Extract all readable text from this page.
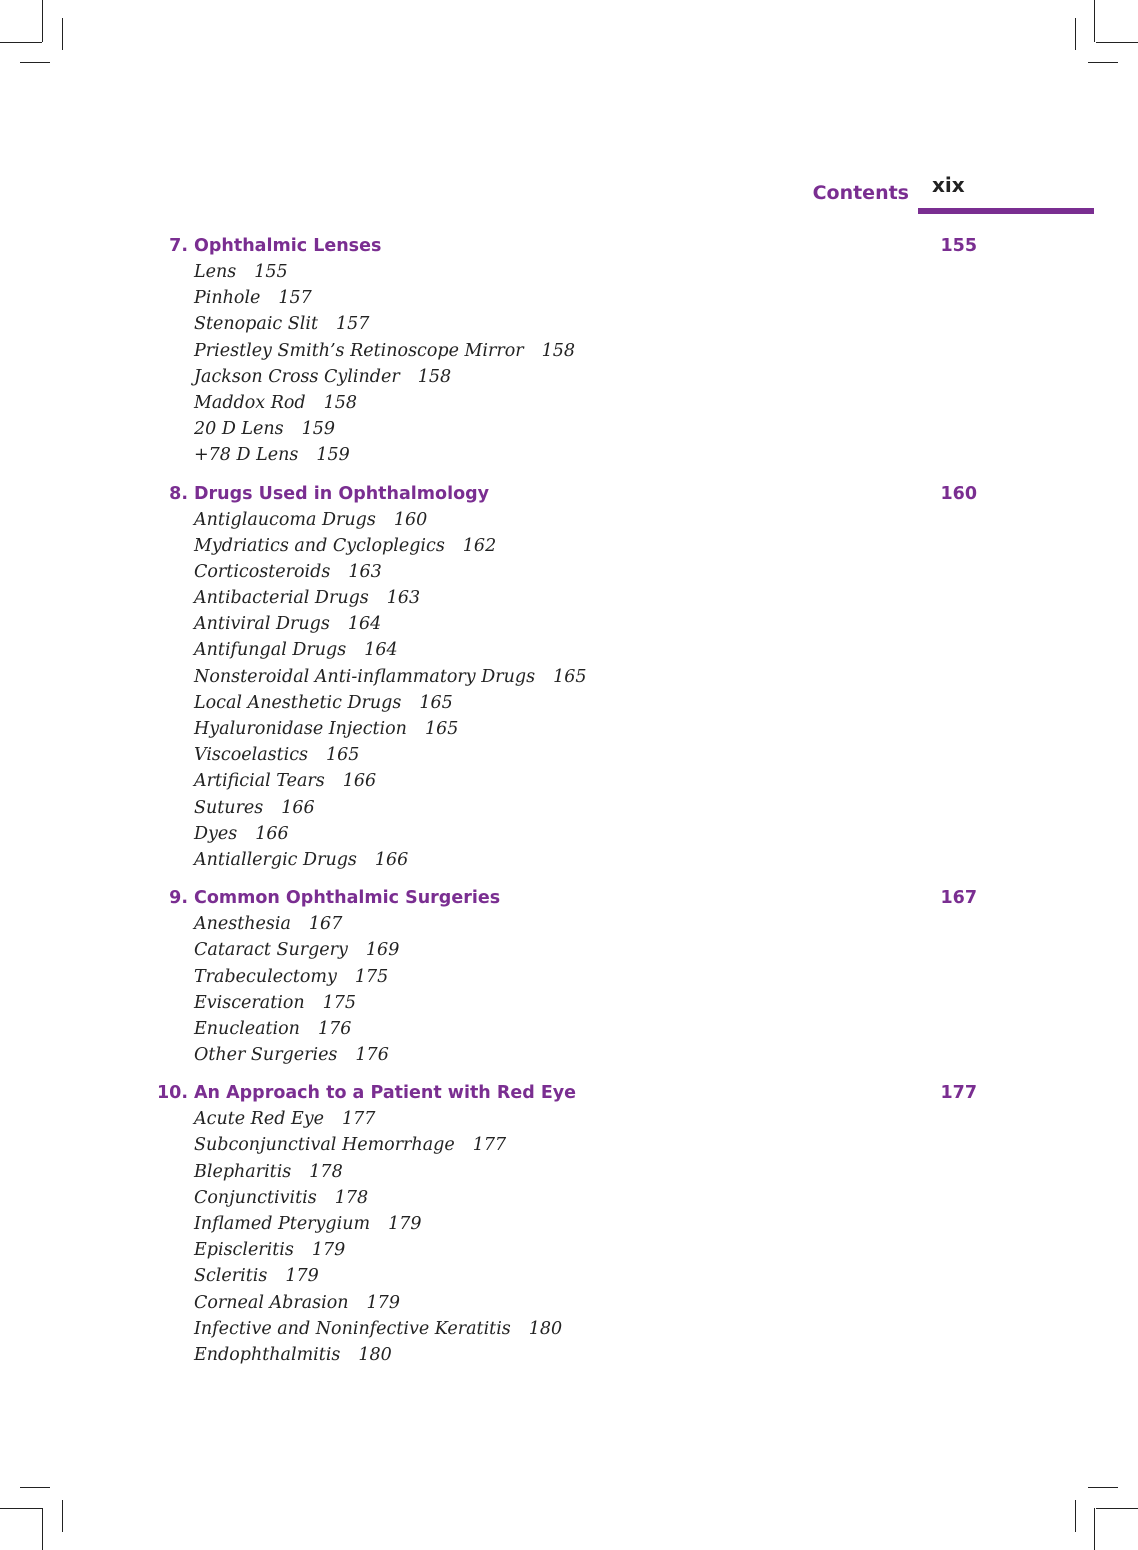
Contents xix
7. Ophthalmic Lenses	155
Lens 155
Pinhole 157
Stenopaic Slit 157
Priestley Smith’s Retinoscope Mirror 158
Jackson Cross Cylinder 158
Maddox Rod 158
20 D Lens 159
+78 D Lens 159
8. Drugs Used in Ophthalmology	160
Antiglaucoma Drugs 160
Mydriatics and Cycloplegics 162
Corticosteroids 163
Antibacterial Drugs 163
Antiviral Drugs 164
Antifungal Drugs 164
Nonsteroidal Anti-inflammatory Drugs 165
Local Anesthetic Drugs 165
Hyaluronidase Injection 165
Viscoelastics 165
Artificial Tears 166
Sutures 166
Dyes 166
Antiallergic Drugs 166
9. Common Ophthalmic Surgeries	167
Anesthesia 167
Cataract Surgery 169
Trabeculectomy 175
Evisceration 175
Enucleation 176
Other Surgeries 176
10. An Approach to a Patient with Red Eye	177
Acute Red Eye 177
Subconjunctival Hemorrhage 177
Blepharitis 178
Conjunctivitis 178
Inflamed Pterygium 179
Episcleritis 179
Scleritis 179
Corneal Abrasion 179
Infective and Noninfective Keratitis 180
Endophthalmitis 180
